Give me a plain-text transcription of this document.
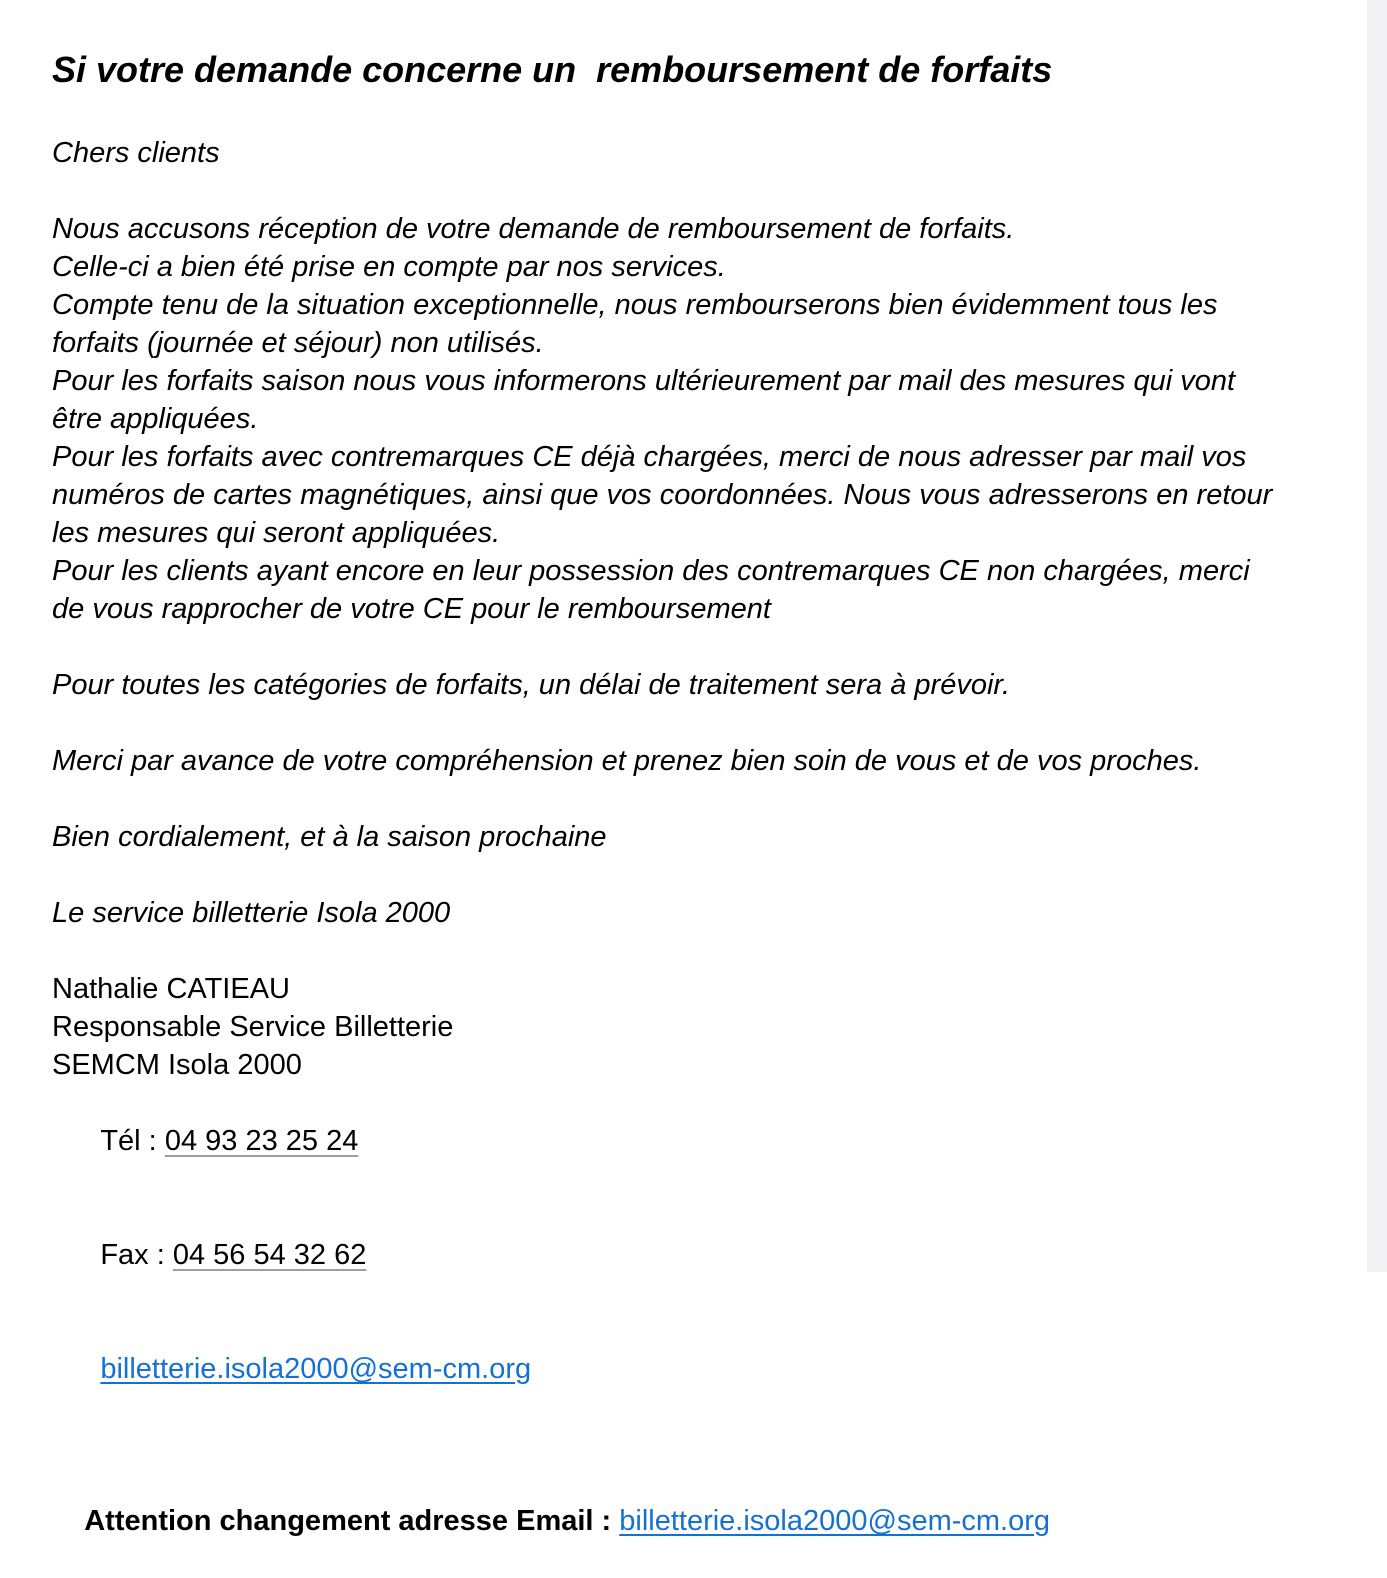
Si votre demande concerne un  remboursement de forfaits
Chers clients
Nous accusons réception de votre demande de remboursement de forfaits.
Celle-ci a bien été prise en compte par nos services.
Compte tenu de la situation exceptionnelle, nous rembourserons bien évidemment tous les
forfaits (journée et séjour) non utilisés.
Pour les forfaits saison nous vous informerons ultérieurement par mail des mesures qui vont
être appliquées.
Pour les forfaits avec contremarques CE déjà chargées, merci de nous adresser par mail vos
numéros de cartes magnétiques, ainsi que vos coordonnées. Nous vous adresserons en retour
les mesures qui seront appliquées.
Pour les clients ayant encore en leur possession des contremarques CE non chargées, merci
de vous rapprocher de votre CE pour le remboursement
Pour toutes les catégories de forfaits, un délai de traitement sera à prévoir.
Merci par avance de votre compréhension et prenez bien soin de vous et de vos proches.
Bien cordialement, et à la saison prochaine
Le service billetterie Isola 2000
Nathalie CATIEAU
Responsable Service Billetterie
SEMCM Isola 2000

Tél : 04 93 23 25 24

Fax : 04 56 54 32 62

billetterie.isola2000@sem-cm.org

Attention changement adresse Email : billetterie.isola2000@sem-cm.org
